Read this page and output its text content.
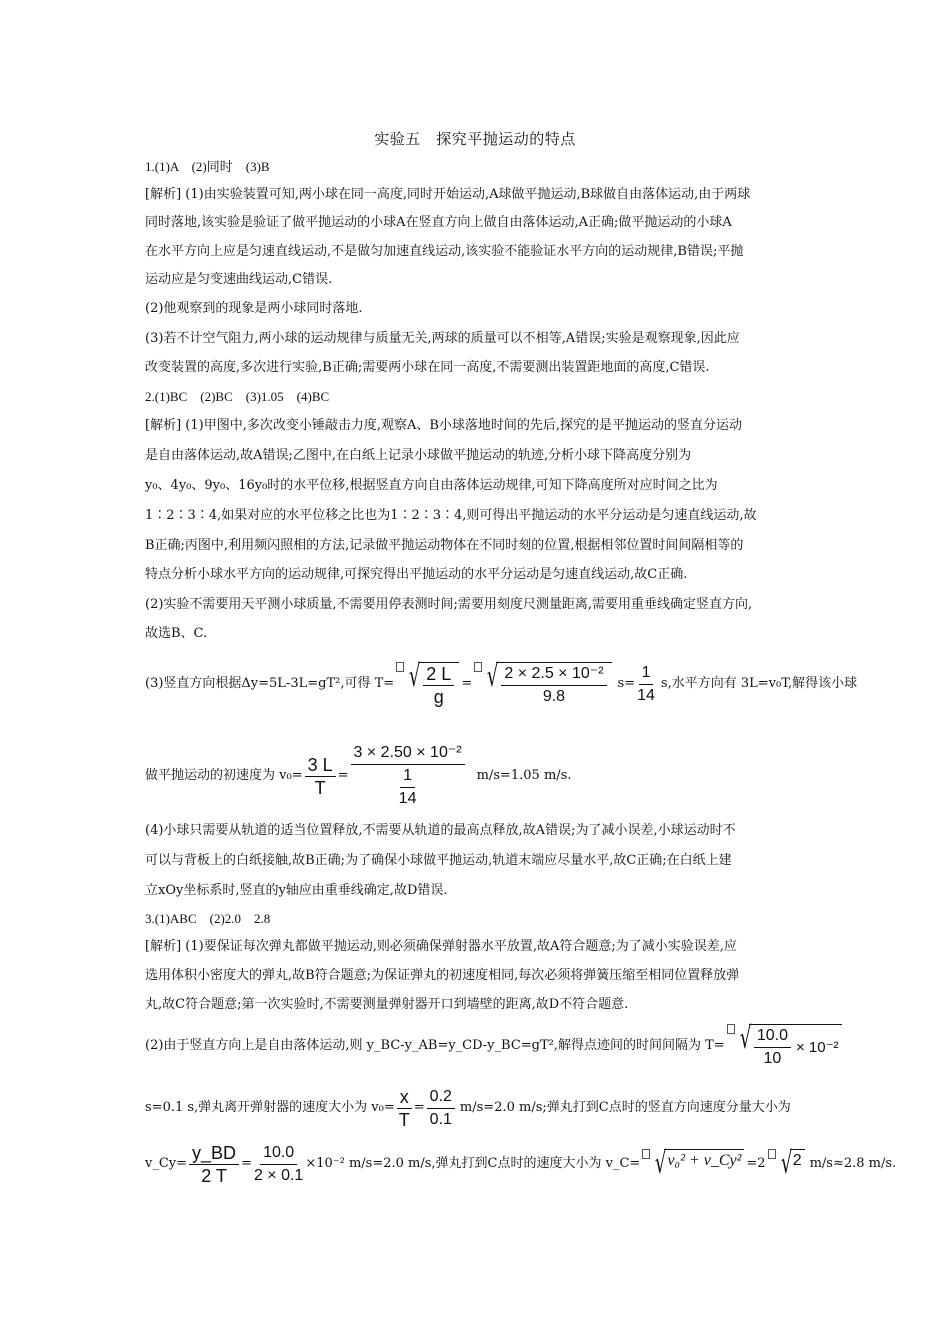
实验五　探究平抛运动的特点
1.(1)A　(2)同时　(3)B
[解析] (1)由实验装置可知,两小球在同一高度,同时开始运动,A球做平抛运动,B球做自由落体运动,由于两球
同时落地,该实验是验证了做平抛运动的小球A在竖直方向上做自由落体运动,A正确;做平抛运动的小球A
在水平方向上应是匀速直线运动,不是做匀加速直线运动,该实验不能验证水平方向的运动规律,B错误;平抛
运动应是匀变速曲线运动,C错误.
(2)他观察到的现象是两小球同时落地.
(3)若不计空气阻力,两小球的运动规律与质量无关,两球的质量可以不相等,A错误;实验是观察现象,因此应
改变装置的高度,多次进行实验,B正确;需要两小球在同一高度,不需要测出装置距地面的高度,C错误.
2.(1)BC　(2)BC　(3)1.05　(4)BC
[解析] (1)甲图中,多次改变小锤敲击力度,观察A、B小球落地时间的先后,探究的是平抛运动的竖直分运动
是自由落体运动,故A错误;乙图中,在白纸上记录小球做平抛运动的轨迹,分析小球下降高度分别为
y₀、4y₀、9y₀、16y₀时的水平位移,根据竖直方向自由落体运动规律,可知下降高度所对应时间之比为
1∶2∶3∶4,如果对应的水平位移之比也为1∶2∶3∶4,则可得出平抛运动的水平分运动是匀速直线运动,故
B正确;丙图中,利用频闪照相的方法,记录做平抛运动物体在不同时刻的位置,根据相邻位置时间间隔相等的
特点分析小球水平方向的运动规律,可探究得出平抛运动的水平分运动是匀速直线运动,故C正确.
(2)实验不需要用天平测小球质量,不需要用停表测时间;需要用刻度尺测量距离,需要用重垂线确定竖直方向,
故选B、C.
(3)竖直方向根据Δy=5L-3L=gT²,可得 T= √ $\frac{2 L}{g}$ = √ $\frac{\text{2 × 2.5 × 10⁻²}}{9.8} s= \frac{1}{14} s$,水平方向有 3L=v₀T,解得该小球
做平抛运动的初速度为 $v_0= \frac{3 L}{T} = \frac{\text{3 × 2.50 × 10⁻²}}{\frac{1}{14}} m/s=1.05$ m/s.
(4)小球只需要从轨道的适当位置释放,不需要从轨道的最高点释放,故A错误;为了减小误差,小球运动时不
可以与背板上的白纸接触,故B正确;为了确保小球做平抛运动,轨道末端应尽量水平,故C正确;在白纸上建
立xOy坐标系时,竖直的y轴应由重垂线确定,故D错误.
3.(1)ABC　(2)2.0　2.8
[解析] (1)要保证每次弹丸都做平抛运动,则必须确保弹射器水平放置,故A符合题意;为了减小实验误差,应
选用体积小密度大的弹丸,故B符合题意;为保证弹丸的初速度相同,每次必须将弹簧压缩至相同位置释放弹
丸,故C符合题意;第一次实验时,不需要测量弹射器开口到墙壁的距离,故D不符合题意.
(2)由于竖直方向上是自由落体运动,则 y_BC-y_AB=y_CD-y_BC=gT²,解得点迹间的时间间隔为 T= √ $\frac{10.0}{10} \times 10^{-2}$
s=0.1 s,弹丸离开弹射器的速度大小为 $v_0= \frac{x}{T} = \frac{0.2}{0.1} m/s=2.0$ m/s;弹丸打到C点时的竖直方向速度分量大小为
v_Cy= $\frac{y\_BD}{2 T} = \frac{10.0}{2 \times 0.1} \times 10^{-2}$ m/s=2.0 m/s,弹丸打到C点时的速度大小为 v_C= √ v₀² + v_Cy² =2 √ 2 m/s≈2.8 m/s.
